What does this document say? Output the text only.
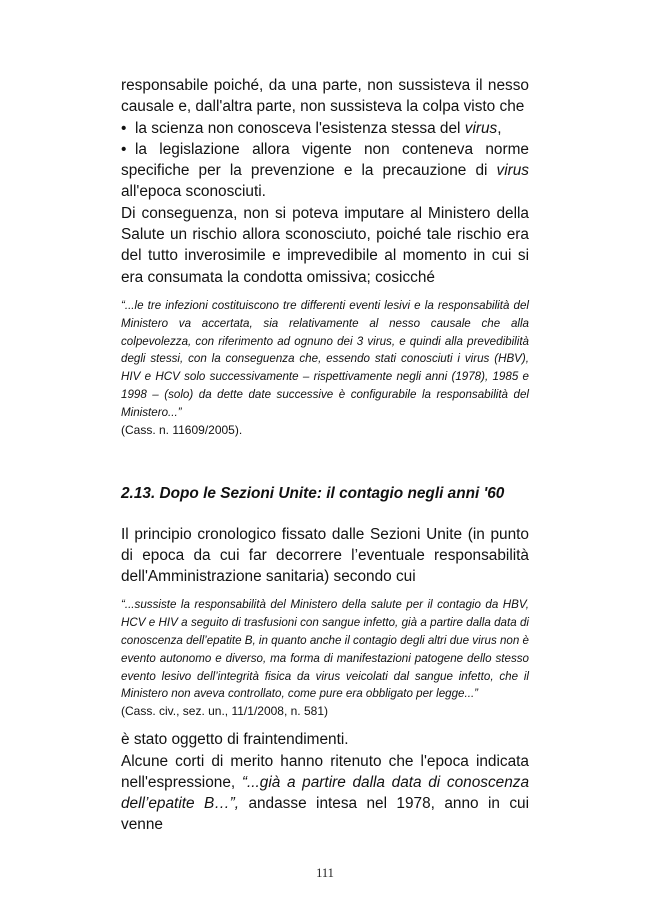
responsabile poiché, da una parte, non sussisteva il nesso causale e, dall'altra parte, non sussisteva la colpa visto che

• la scienza non conosceva l'esistenza stessa del virus,

• la legislazione allora vigente non conteneva norme specifiche per la prevenzione e la precauzione di virus all'epoca sconosciuti.

Di conseguenza, non si poteva imputare al Ministero della Salute un rischio allora sconosciuto, poiché tale rischio era del tutto inverosimile e imprevedibile al momento in cui si era consumata la condotta omissiva; cosicché

“...le tre infezioni costituiscono tre differenti eventi lesivi e la responsabilità del Ministero va accertata, sia relativamente al nesso causale che alla colpevolezza, con riferimento ad ognuno dei 3 virus, e quindi alla prevedibilità degli stessi, con la conseguenza che, essendo stati conosciuti i virus (HBV), HIV e HCV solo successivamente – rispettivamente negli anni (1978), 1985 e 1998 – (solo) da dette date successive è configurabile la responsabilità del Ministero...”

(Cass. n. 11609/2005).

2.13. Dopo le Sezioni Unite: il contagio negli anni '60

Il principio cronologico fissato dalle Sezioni Unite (in punto di epoca da cui far decorrere l’eventuale responsabilità dell'Amministrazione sanitaria) secondo cui

“...sussiste la responsabilità del Ministero della salute per il contagio da HBV, HCV e HIV a seguito di trasfusioni con sangue infetto, già a partire dalla data di conoscenza dell’epatite B, in quanto anche il contagio degli altri due virus non è evento autonomo e diverso, ma forma di manifestazioni patogene dello stesso evento lesivo dell’integrità fisica da virus veicolati dal sangue infetto, che il Ministero non aveva controllato, come pure era obbligato per legge...”

(Cass. civ., sez. un., 11/1/2008, n. 581)

è stato oggetto di fraintendimenti.

Alcune corti di merito hanno ritenuto che l'epoca indicata nell'espressione, “...già a partire dalla data di conoscenza dell’epatite B…”, andasse intesa nel 1978, anno in cui venne

111
